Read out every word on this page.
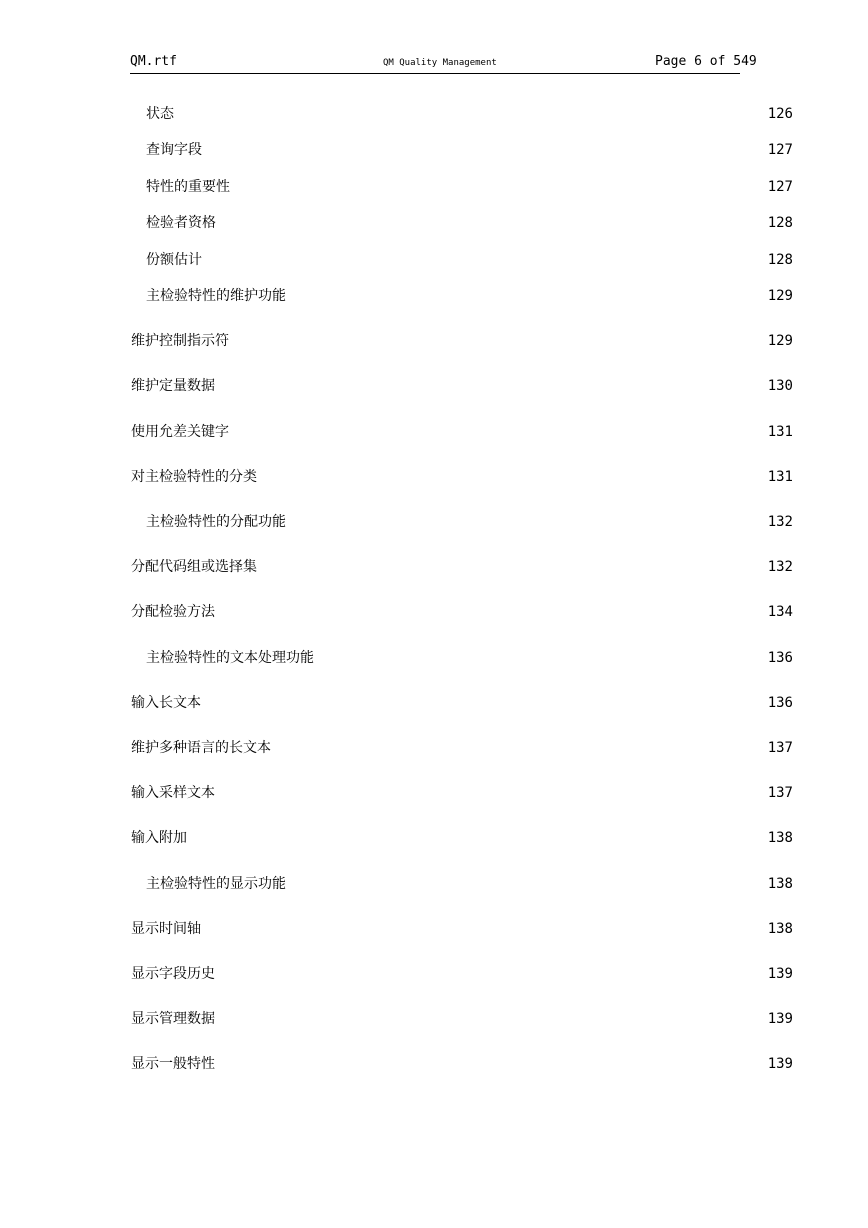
QM.rtf	QM Quality Management	Page 6 of 549
状态	126
查询字段	127
特性的重要性	127
检验者资格	128
份额估计	128
主检验特性的维护功能	129
维护控制指示符	129
维护定量数据	130
使用允差关键字	131
对主检验特性的分类	131
主检验特性的分配功能	132
分配代码组或选择集	132
分配检验方法	134
主检验特性的文本处理功能	136
输入长文本	136
维护多种语言的长文本	137
输入采样文本	137
输入附加	138
主检验特性的显示功能	138
显示时间轴	138
显示字段历史	139
显示管理数据	139
显示一般特性	139
